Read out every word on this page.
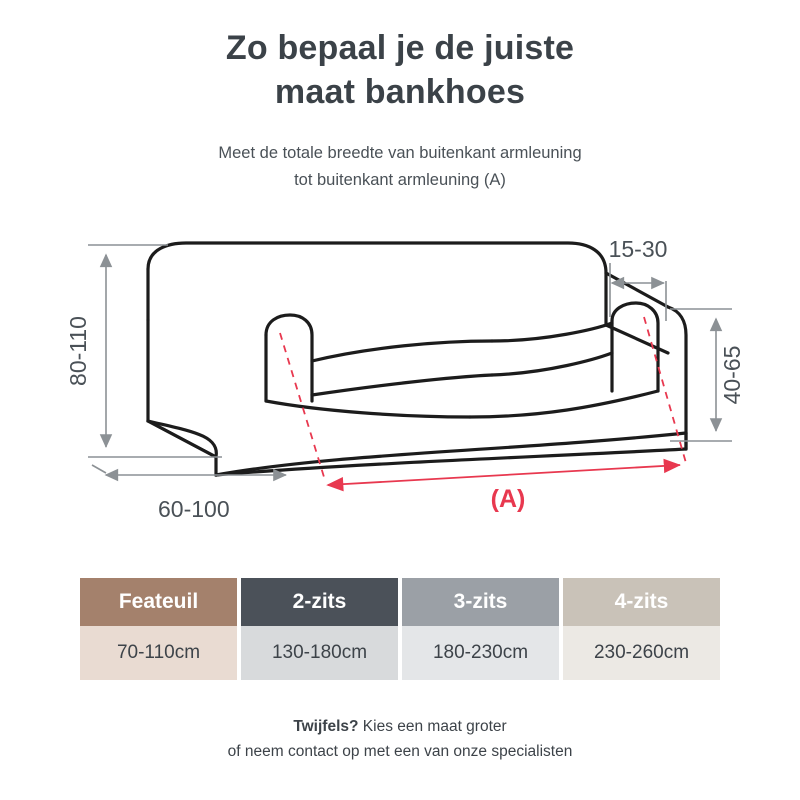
Zo bepaal je de juiste
maat bankhoes
Meet de totale breedte van buitenkant armleuning
tot buitenkant armleuning (A)
80-110
60-100
15-30
40-65
(A)
Feateuil
70-110cm
2-zits
130-180cm
3-zits
180-230cm
4-zits
230-260cm
Twijfels? Kies een maat groter
of neem contact op met een van onze specialisten
